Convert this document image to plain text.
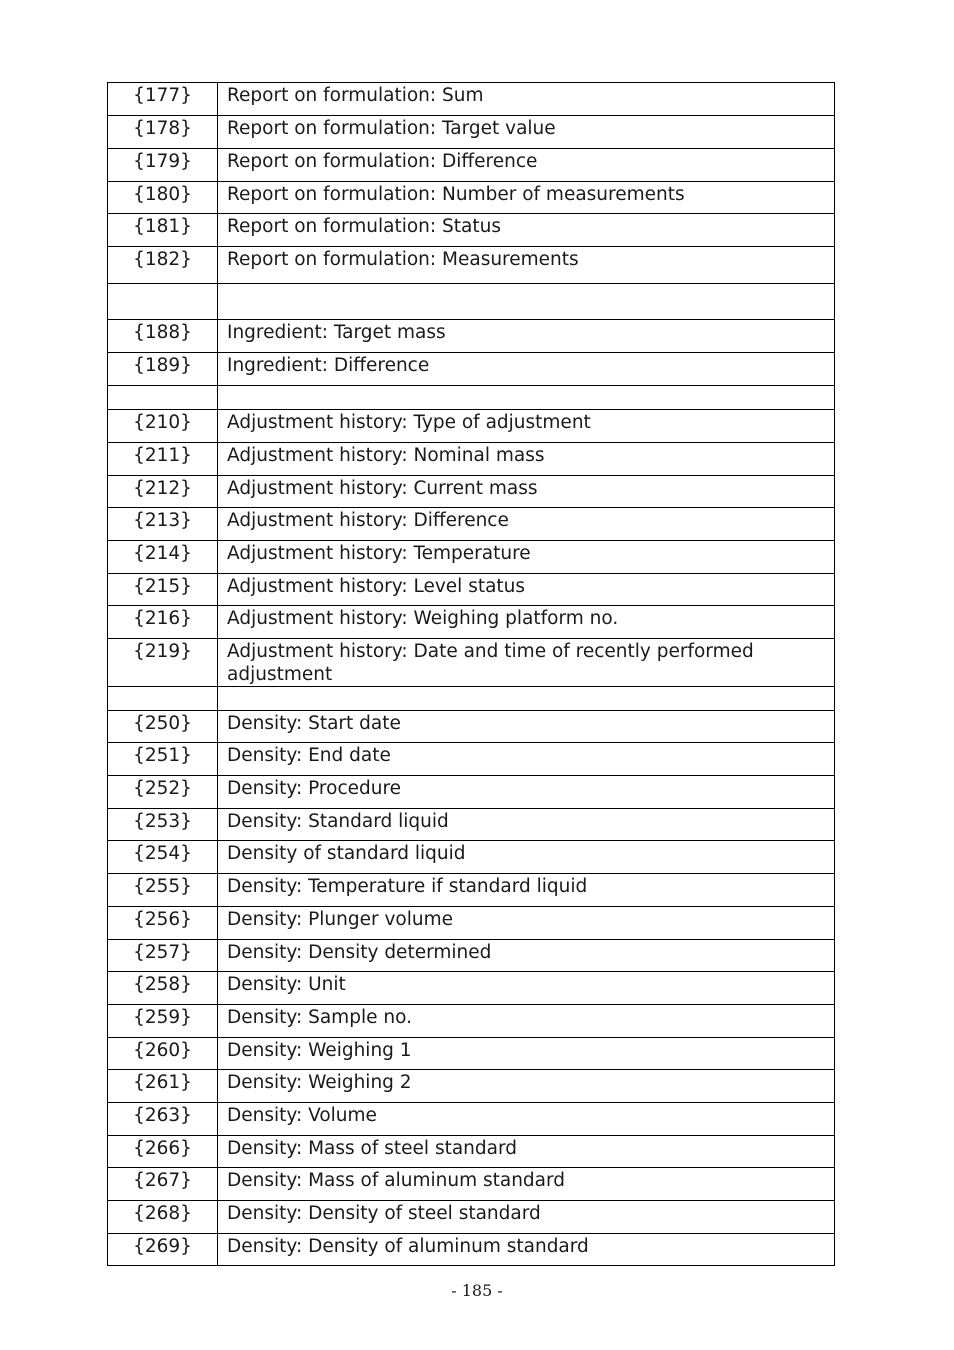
{177}	Report on formulation: Sum
{178}	Report on formulation: Target value
{179}	Report on formulation: Difference
{180}	Report on formulation: Number of measurements
{181}	Report on formulation: Status
{182}	Report on formulation: Measurements

{188}	Ingredient: Target mass
{189}	Ingredient: Difference

{210}	Adjustment history: Type of adjustment
{211}	Adjustment history: Nominal mass
{212}	Adjustment history: Current mass
{213}	Adjustment history: Difference
{214}	Adjustment history: Temperature
{215}	Adjustment history: Level status
{216}	Adjustment history: Weighing platform no.
{219}	Adjustment history: Date and time of recently performed adjustment

{250}	Density: Start date
{251}	Density: End date
{252}	Density: Procedure
{253}	Density: Standard liquid
{254}	Density of standard liquid
{255}	Density: Temperature if standard liquid
{256}	Density: Plunger volume
{257}	Density: Density determined
{258}	Density: Unit
{259}	Density: Sample no.
{260}	Density: Weighing 1
{261}	Density: Weighing 2
{263}	Density: Volume
{266}	Density: Mass of steel standard
{267}	Density: Mass of aluminum standard
{268}	Density: Density of steel standard
{269}	Density: Density of aluminum standard
- 185 -
